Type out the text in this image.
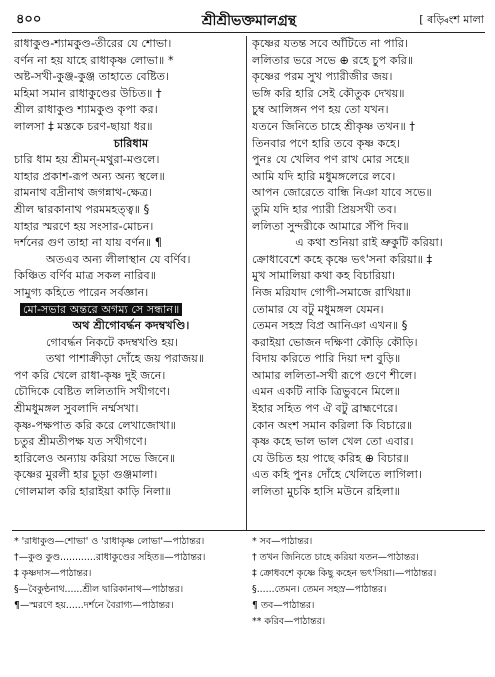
৪০০	শ্রীশ্রীভক্তমালগ্রন্থ	[ ৰড়্বিংশ মালা
রাধাকুণ্ড-শ্যামকুণ্ড-তীরের যে শোভা।
বর্ণন না হয় যাহে রাধাকৃষ্ণ লোভা॥ *
অষ্ট-সখী-কুঞ্জ-কুঞ্জ তাহাতে বেষ্টিত।
মহিমা সমান রাধাকুণ্ডের উচিত॥ †
শ্রীল রাধাকুণ্ড শ্যামকুণ্ড কৃপা কর।
লালসা ‡ মস্তকে চরণ-ছায়া ধর॥
চারিধাম
চারি ধাম হয় শ্রীমন্‌-মথুরা-মণ্ডলে।
যাহার প্রকাশ-রূপ অন্য অন্য স্থলে॥
রামনাথ বদ্রীনাথ জগন্নাথ-ক্ষেত্র।
শ্রীল দ্বারকানাথ পরমমহত্ত্ব॥ §
যাহার স্মরণে হয় সংসার-মোচন।
দর্শনের গুণ তাহা না যায় বর্ণন॥ ¶
অতএব অন্য লীলাস্থান যে বর্ণিব।
কিঞ্চিত বর্ণিব মাত্র সকল নারিব॥
সামুগ্য কহিতে পারেন সর্বজ্ঞান।
মো-সভার অন্তরে অগম্য সে সন্ধান॥
অথ শ্রীগোবর্দ্ধন কদম্বখণ্ডি।
গোবর্দ্ধন নিকটে কদম্বখণ্ডি হয়।
তথা পাশাক্রীড়া দোঁহে জয় পরাজয়॥
পণ করি খেলে রাধা-কৃষ্ণ দুই জনে।
চৌদিকে বেষ্টিত ললিতাদি সখীগণে।
শ্রীমধুমঙ্গল সুবলাদি নর্ম্মসখা।
কৃষ্ণ-পক্ষপাত করি করে লেখাজোখা॥
চতুর শ্রীমতীপক্ষ যত সখীগণে।
হারিলেও অন্যায় করিয়া সভে জিনে॥
কৃষ্ণের মুরলী হার চূড়া গুঞ্জমালা।
গোলমাল করি হারাইয়া কাড়ি নিলা॥
কৃষ্ণের যতন্ত সবে আঁটিতে না পারি।
ললিতার ভরে সভে ⊕ রহে চুপ করি॥
কৃষ্ণের পরম সুখ প্যারীজীর জয়।
ভঙ্গি করি হারি সেই কৌতুক দেখয়॥
চুম্ব আলিঙ্গন পণ হয় তো যখন।
যতনে জিনিতে চাহে শ্রীকৃষ্ণ তখন॥ †
তিনবার পণে হারি তবে কৃষ্ণ কহে।
পুনঃ যে খেলিব পণ রাখ মোর সহে॥
আমি যদি হারি মধুমঙ্গলেরে লবে।
আপন জোরেতে বান্ধি নিঞা যাবে সভে॥
তুমি যদি হার প্যারী প্রিয়সখী তব।
ললিতা সুন্দরীকে আমারে সঁপি দিব॥
এ কথা শুনিয়া রাই ভ্রুকুটি করিয়া।
ক্রোধাবেশে কহে কৃষ্ণে ভৎ'সনা করিয়া॥ ‡
মুখ সামালিয়া কথা কহ বিচারিয়া।
নিজ মরিযাদ গোপী-সমাজে রাখিয়া॥
তোমার যে বটু মধুমঙ্গল যেমন।
তেমন সহস্র বিপ্র আনিঞা এখন॥ §
করাইয়া ভোজন দক্ষিণা কৌড়ি কৌড়ি।
বিদায় করিতে পারি দিয়া দশ বুড়ি॥
আমার ললিতা-সখী রূপে গুণে শীলে।
এমন একটি নাকি ত্রিভুবনে মিলে॥
ইহার সহিত পণ ঐ বটু ব্রাহ্মণেরে।
কোন অংশ সমান করিলা কি বিচারে॥
কৃষ্ণ কহে ভাল ভাল খেল তো এবার।
যে উচিত হয় পাছে করিহ ⊕ বিচার॥
এত কহি পুনঃ দোঁহে খেলিতে লাগিলা।
ললিতা মুচকি হাসি মউনে রহিলা॥
* 'রাধাকুণ্ড—শোভা' ও 'রাধাকৃষ্ণ লোভা'—পাঠান্তর।
†—কুণ্ড কুণ্ড............রাধাকুণ্ডের সহিত॥—পাঠান্তর।
‡ কৃষ্ণদাস—পাঠান্তর।
§—বৈকুণ্ঠনাথ......শ্রীল দ্বারিকানাথ—পাঠান্তর।
¶—স্মরণে হয়......দর্শনে বৈরাগ্য—পাঠান্তর।
* সব—পাঠান্তর।
† তখন জিনিতে চাহে করিয়া যতন—পাঠান্তর।
‡ ক্রোধবশে কৃষ্ণে কিছু কহেন ভৎ'সিয়া।—পাঠান্তর।
§......তেমন। তেমন সহস্র—পাঠান্তর।
¶ তব—পাঠান্তর।
** করিব—পাঠান্তর।
